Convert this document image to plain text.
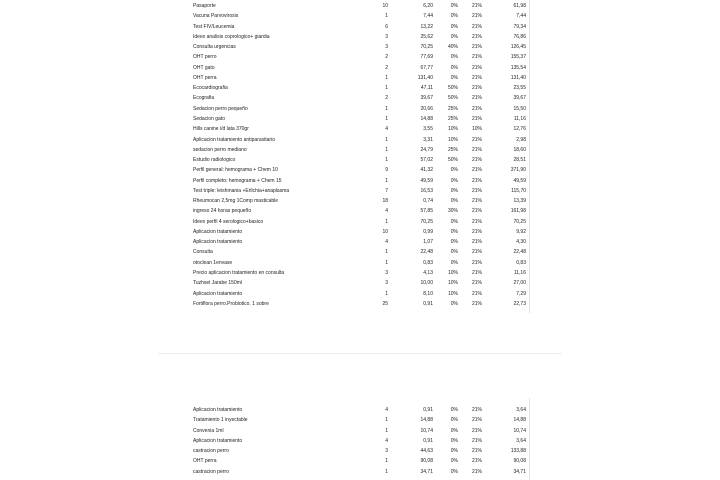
Pasaporte	10	6,20	0%	21%	61,98
Vacuna Parvovirosis	1	7,44	0%	21%	7,44
Test FIV/Leucemia	6	13,22	0%	21%	79,34
Ideex analisis coprologico+ giardia	3	25,62	0%	21%	76,86
Consulta urgencias	3	70,25	40%	21%	126,45
OHT perro	2	77,69	0%	21%	155,37
OHT gato	2	67,77	0%	21%	135,54
OHT perra	1	131,40	0%	21%	131,40
Ecocardiografia	1	47,11	50%	21%	23,55
Ecografia	2	39,67	50%	21%	39,67
Sedacion perro pequeño	1	20,66	25%	21%	15,50
Sedacion gato	1	14,88	25%	21%	11,16
Hills canine i/d lata 370gr	4	3,55	10%	10%	12,76
Aplicacion tratamiento antiparasitario	1	3,31	10%	21%	2,98
sedacion perro mediano	1	24,79	25%	21%	18,60
Estudio radiologico	1	57,02	50%	21%	28,51
Perfil general: hemograma + Chem 10	9	41,32	0%	21%	371,90
Perfil completo: hemograma + Chem 15	1	49,59	0%	21%	49,59
Test triple: leishmania +Erlichia+anaplasma	7	16,53	0%	21%	115,70
Rheumocan 2,5mg 1Comp masticable	18	0,74	0%	21%	13,39
ingreso 24 horas pequeño	4	57,85	30%	21%	161,98
Ideex perfil 4 serologico+basico	1	70,25	0%	21%	70,25
Aplicacion tratamiento	10	0,99	0%	21%	9,92
Aplicacion tratamiento	4	1,07	0%	21%	4,30
Consulta	1	22,48	0%	21%	22,48
otoclean 1envase	1	0,83	0%	21%	0,83
Precio aplicacion tratamiento en consulta	3	4,13	10%	21%	11,16
Tuzhsel Jarabe 150ml	3	10,00	10%	21%	27,00
Aplicacion tratamiento	1	8,10	10%	21%	7,29
Fortiflora perro.Probiotico. 1 sobre	25	0,91	0%	21%	22,73
Aplicacion tratamiento	4	0,91	0%	21%	3,64
Tratamiento 1 inyectable	1	14,88	0%	21%	14,88
Convenia 1ml	1	10,74	0%	21%	10,74
Aplicacion tratamiento	4	0,91	0%	21%	3,64
castracion perro	3	44,63	0%	21%	133,88
OHT perra	1	90,08	0%	21%	90,08
castracion perro	1	34,71	0%	21%	34,71
